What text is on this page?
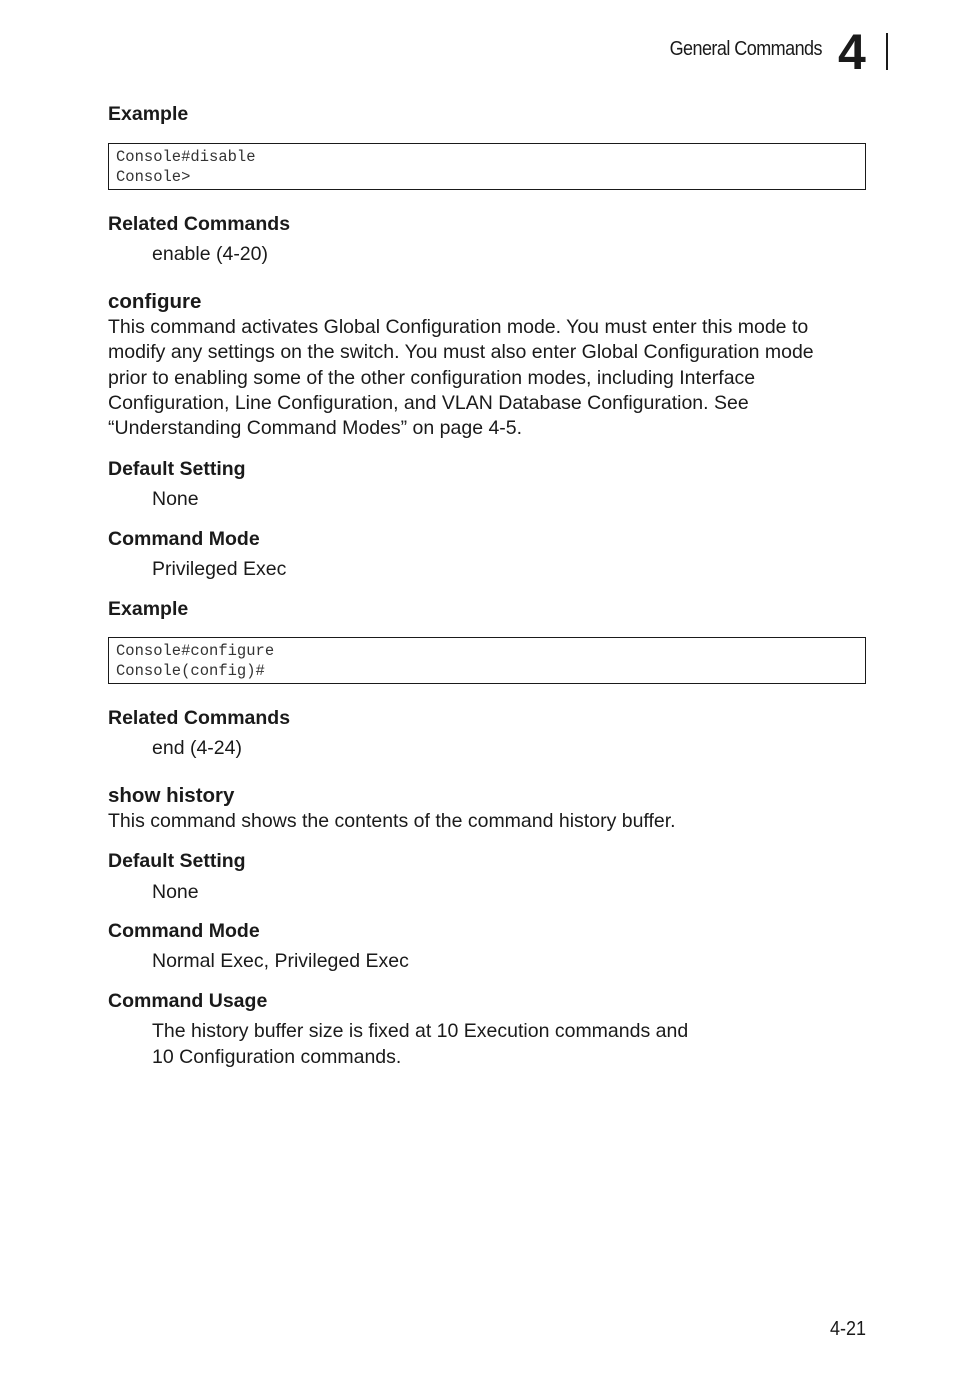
General Commands 4
Example
Console#disable
Console>
Related Commands
enable (4-20)
configure
This command activates Global Configuration mode. You must enter this mode to
modify any settings on the switch. You must also enter Global Configuration mode
prior to enabling some of the other configuration modes, including Interface
Configuration, Line Configuration, and VLAN Database Configuration. See
“Understanding Command Modes” on page 4-5.
Default Setting
None
Command Mode
Privileged Exec
Example
Console#configure
Console(config)#
Related Commands
end (4-24)
show history
This command shows the contents of the command history buffer.
Default Setting
None
Command Mode
Normal Exec, Privileged Exec
Command Usage
The history buffer size is fixed at 10 Execution commands and
10 Configuration commands.
4-21
